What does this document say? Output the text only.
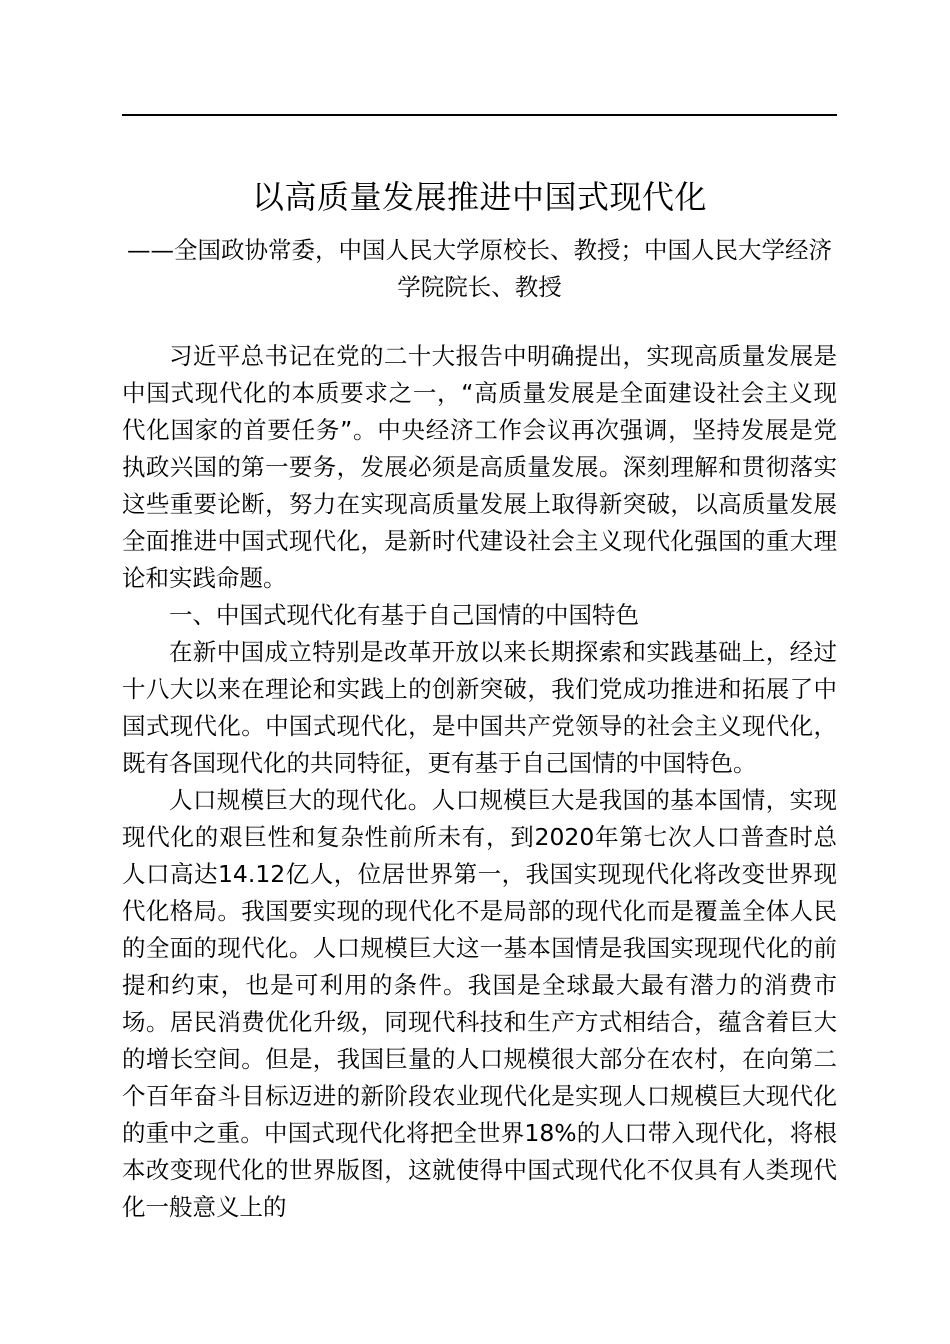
以高质量发展推进中国式现代化
——全国政协常委，中国人民大学原校长、教授；中国人民大学经济学院院长、教授

习近平总书记在党的二十大报告中明确提出，实现高质量发展是中国式现代化的本质要求之一，“高质量发展是全面建设社会主义现代化国家的首要任务”。中央经济工作会议再次强调，坚持发展是党执政兴国的第一要务，发展必须是高质量发展。深刻理解和贯彻落实这些重要论断，努力在实现高质量发展上取得新突破，以高质量发展全面推进中国式现代化，是新时代建设社会主义现代化强国的重大理论和实践命题。

一、中国式现代化有基于自己国情的中国特色

在新中国成立特别是改革开放以来长期探索和实践基础上，经过十八大以来在理论和实践上的创新突破，我们党成功推进和拓展了中国式现代化。中国式现代化，是中国共产党领导的社会主义现代化，既有各国现代化的共同特征，更有基于自己国情的中国特色。

人口规模巨大的现代化。人口规模巨大是我国的基本国情，实现现代化的艰巨性和复杂性前所未有，到2020年第七次人口普查时总人口高达14.12亿人，位居世界第一，我国实现现代化将改变世界现代化格局。我国要实现的现代化不是局部的现代化而是覆盖全体人民的全面的现代化。人口规模巨大这一基本国情是我国实现现代化的前提和约束，也是可利用的条件。我国是全球最大最有潜力的消费市场。居民消费优化升级，同现代科技和生产方式相结合，蕴含着巨大的增长空间。但是，我国巨量的人口规模很大部分在农村，在向第二个百年奋斗目标迈进的新阶段农业现代化是实现人口规模巨大现代化的重中之重。中国式现代化将把全世界18%的人口带入现代化，将根本改变现代化的世界版图，这就使得中国式现代化不仅具有人类现代化一般意义上的
